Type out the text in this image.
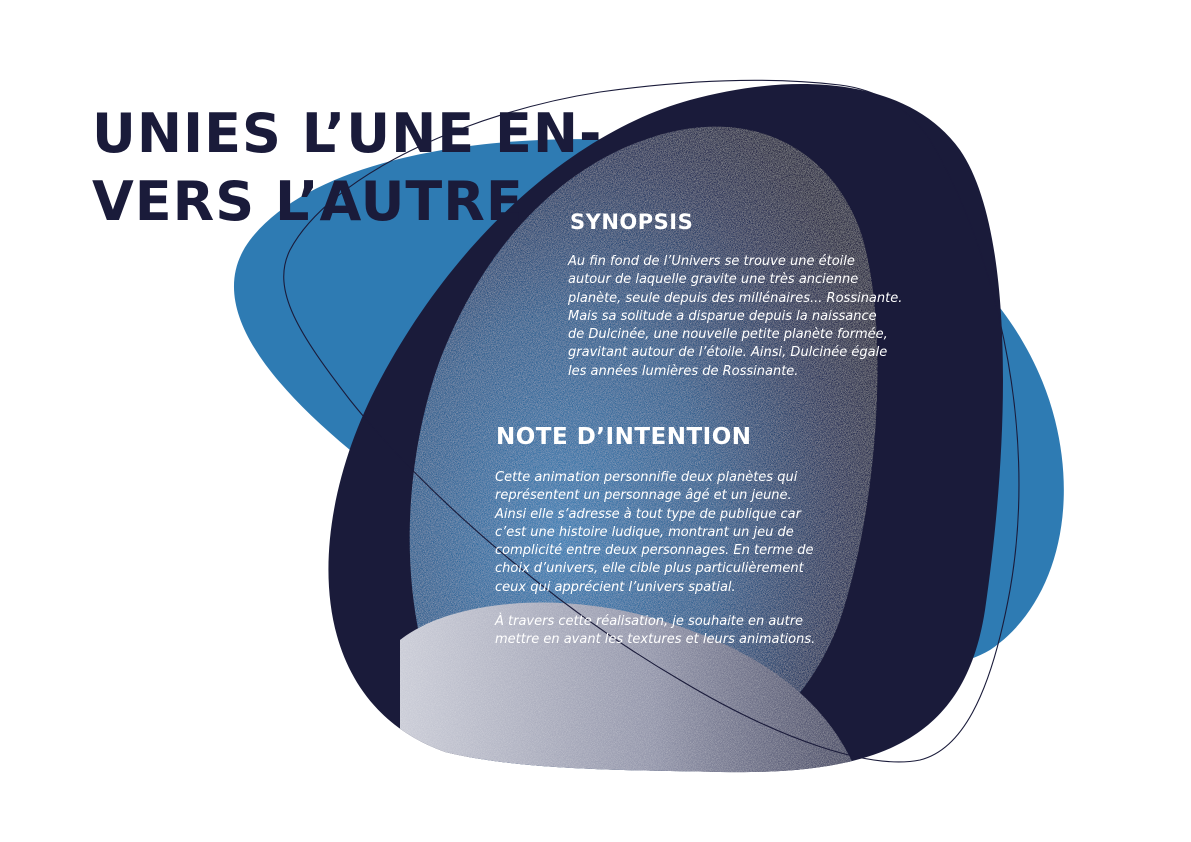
UNIES L’UNE EN-
VERS L’AUTRE	SYNOPSIS

Au fin fond de l’Univers se trouve une étoile
autour de laquelle gravite une très ancienne
planète, seule depuis des millénaires... Rossinante.
Mais sa solitude a disparue depuis la naissance
de Dulcinée, une nouvelle petite planète formée,
gravitant autour de l’étoile. Ainsi, Dulcinée égale
les années lumières de Rossinante.

NOTE D’INTENTION

Cette animation personnifie deux planètes qui
représentent un personnage âgé et un jeune.
Ainsi elle s’adresse à tout type de publique car
c’est une histoire ludique, montrant un jeu de
complicité entre deux personnages. En terme de
choix d’univers, elle cible plus particulièrement
ceux qui apprécient l’univers spatial.

À travers cette réalisation, je souhaite en autre
mettre en avant les textures et leurs animations.
